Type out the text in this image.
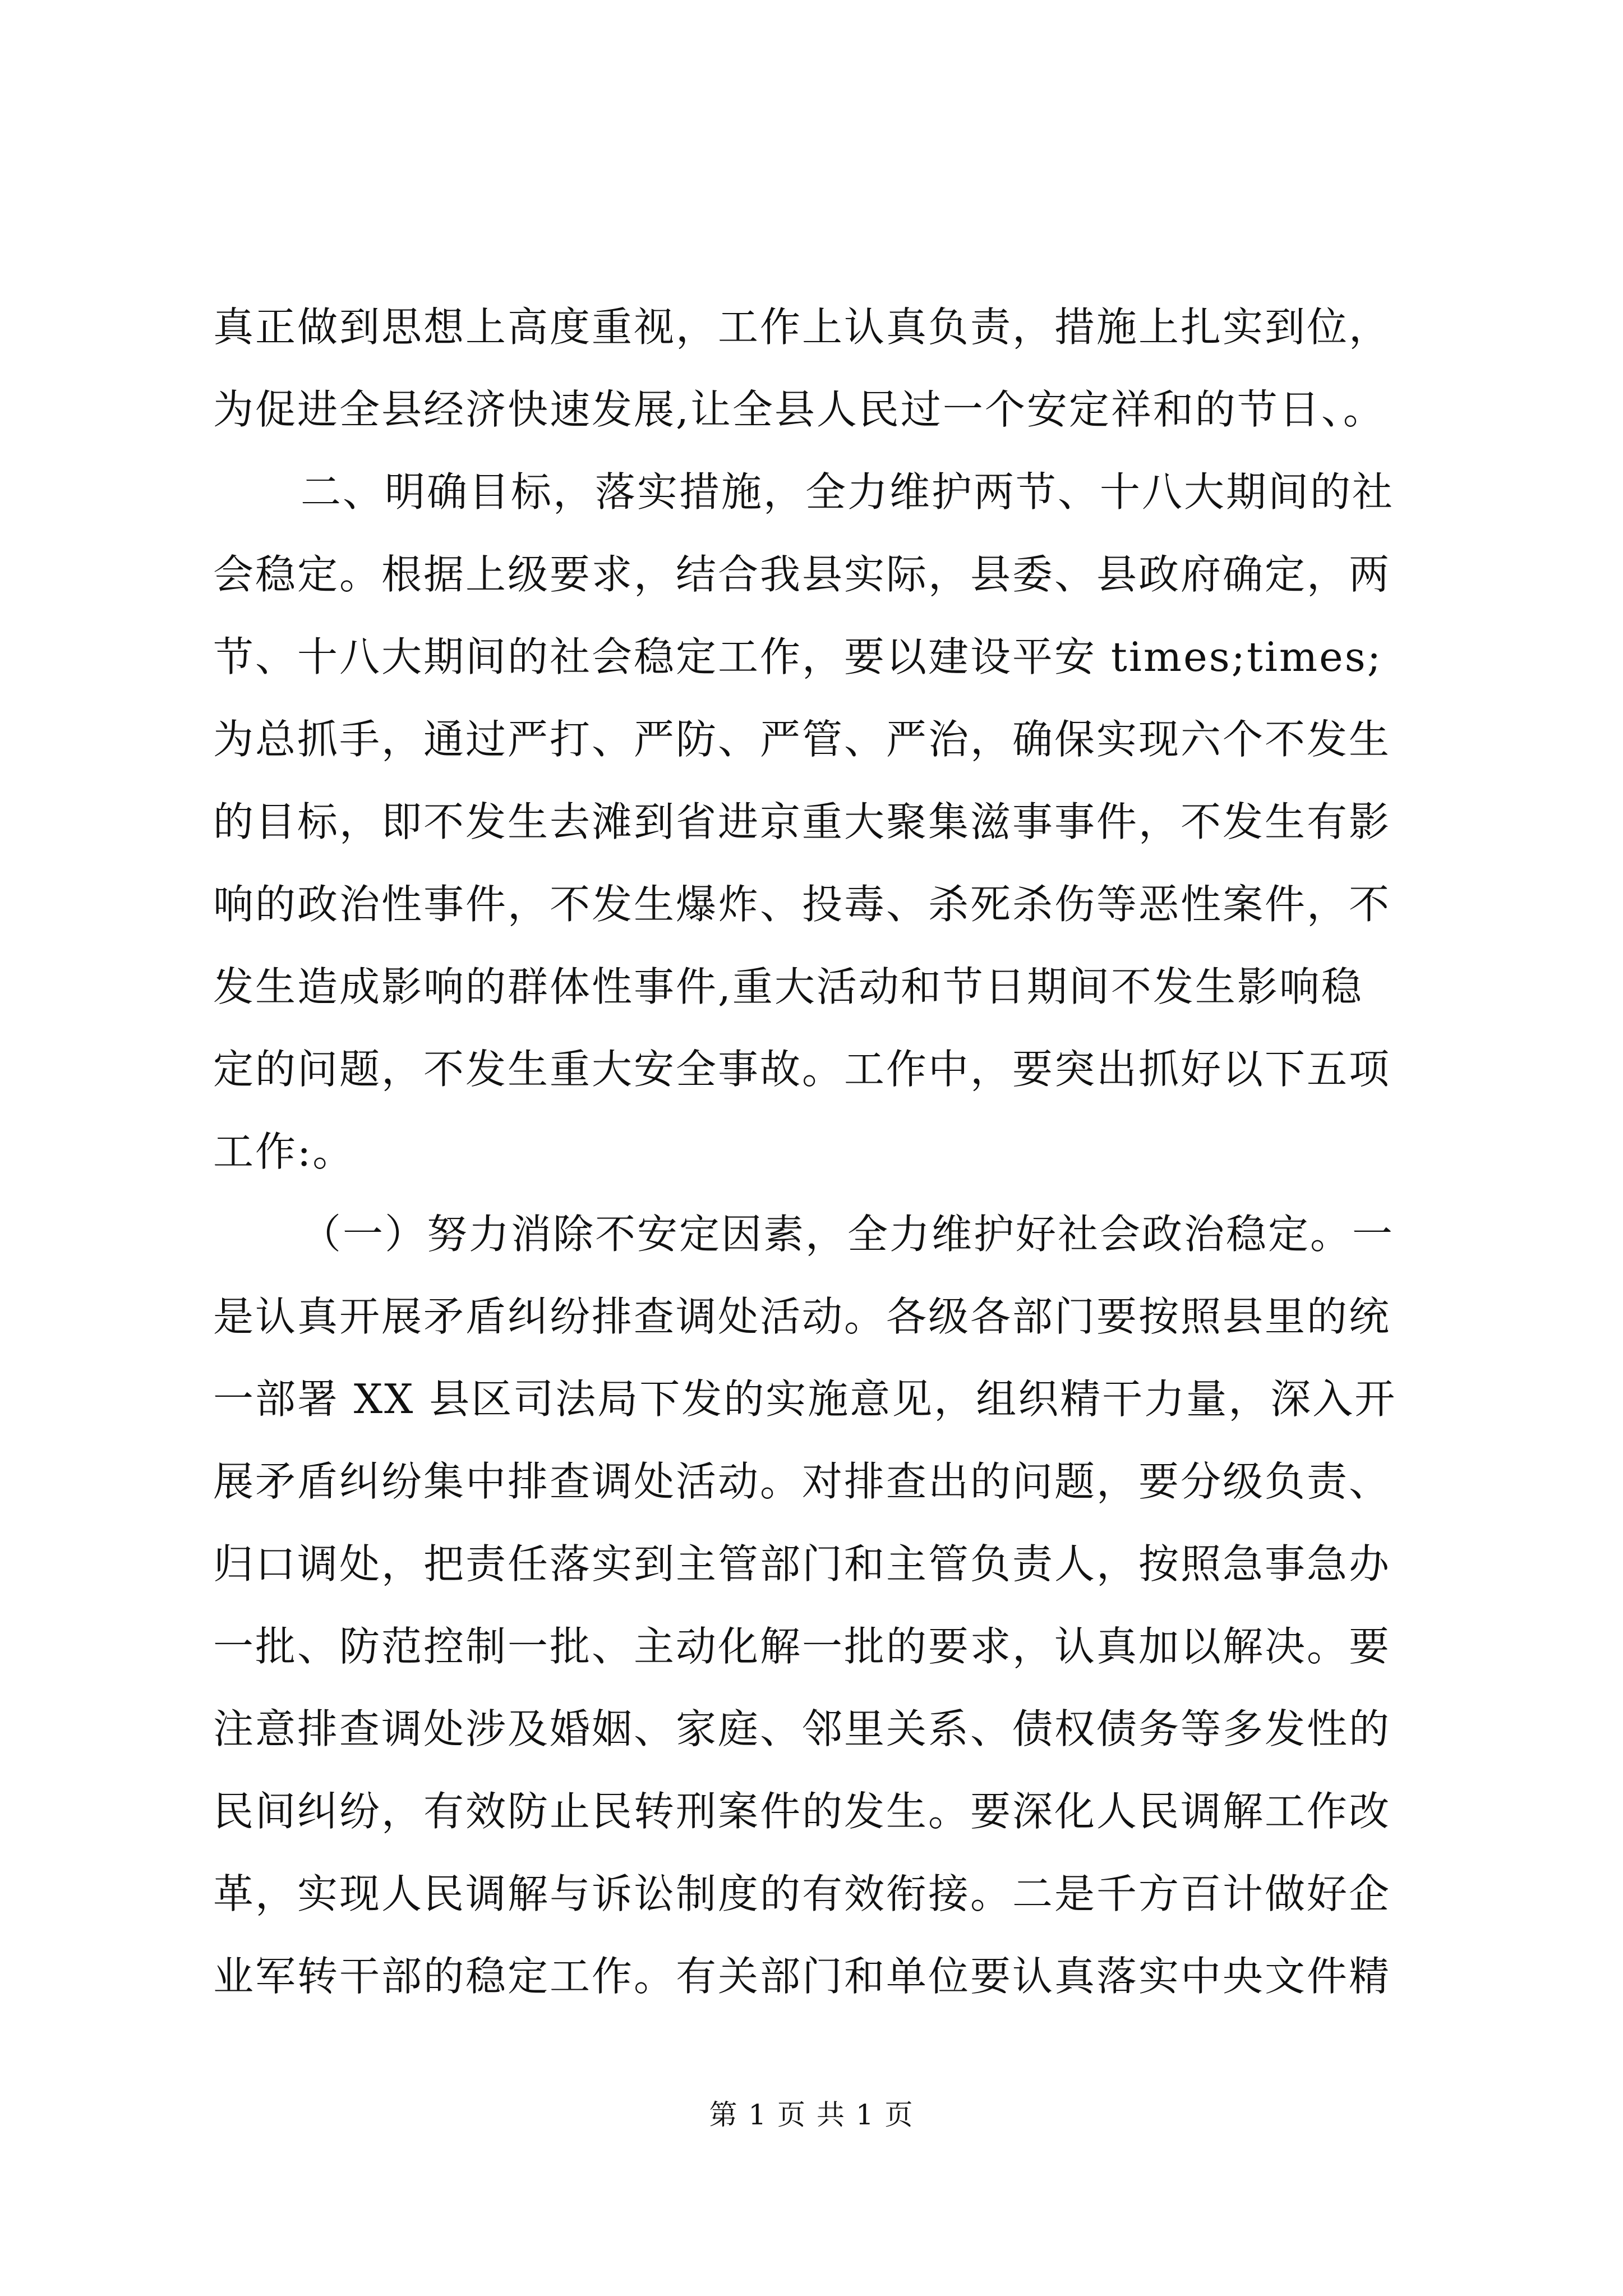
真正做到思想上高度重视，工作上认真负责，措施上扎实到位，
为促进全县经济快速发展,让全县人民过一个安定祥和的节日、。
二、明确目标，落实措施，全力维护两节、十八大期间的社
会稳定。根据上级要求，结合我县实际，县委、县政府确定，两
节、十八大期间的社会稳定工作，要以建设平安 times;times;
为总抓手，通过严打、严防、严管、严治，确保实现六个不发生
的目标，即不发生去滩到省进京重大聚集滋事事件，不发生有影
响的政治性事件，不发生爆炸、投毒、杀死杀伤等恶性案件，不
发生造成影响的群体性事件,重大活动和节日期间不发生影响稳
定的问题，不发生重大安全事故。工作中，要突出抓好以下五项
工作:。
（一）努力消除不安定因素，全力维护好社会政治稳定。一
是认真开展矛盾纠纷排查调处活动。各级各部门要按照县里的统
一部署 XX 县区司法局下发的实施意见，组织精干力量，深入开
展矛盾纠纷集中排查调处活动。对排查出的问题，要分级负责、
归口调处，把责任落实到主管部门和主管负责人，按照急事急办
一批、防范控制一批、主动化解一批的要求，认真加以解决。要
注意排查调处涉及婚姻、家庭、邻里关系、债权债务等多发性的
民间纠纷，有效防止民转刑案件的发生。要深化人民调解工作改
革，实现人民调解与诉讼制度的有效衔接。二是千方百计做好企
业军转干部的稳定工作。有关部门和单位要认真落实中央文件精
第 1 页 共 1 页
